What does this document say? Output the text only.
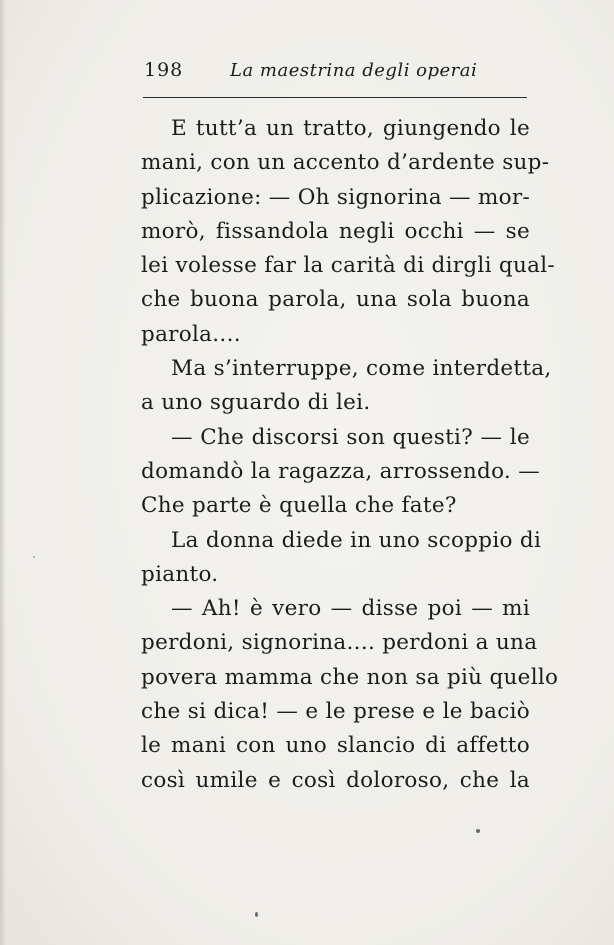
198	La maestrina degli operai
E tutt’a un tratto, giungendo le
mani, con un accento d’ardente sup-
plicazione: — Oh signorina — mor-
morò, fissandola negli occhi — se
lei volesse far la carità di dirgli qual-
che buona parola, una sola buona
parola....
Ma s’interruppe, come interdetta,
a uno sguardo di lei.
— Che discorsi son questi? — le
domandò la ragazza, arrossendo. —
Che parte è quella che fate?
La donna diede in uno scoppio di
pianto.
— Ah! è vero — disse poi — mi
perdoni, signorina.... perdoni a una
povera mamma che non sa più quello
che si dica! — e le prese e le baciò
le mani con uno slancio di affetto
così umile e così doloroso, che la
